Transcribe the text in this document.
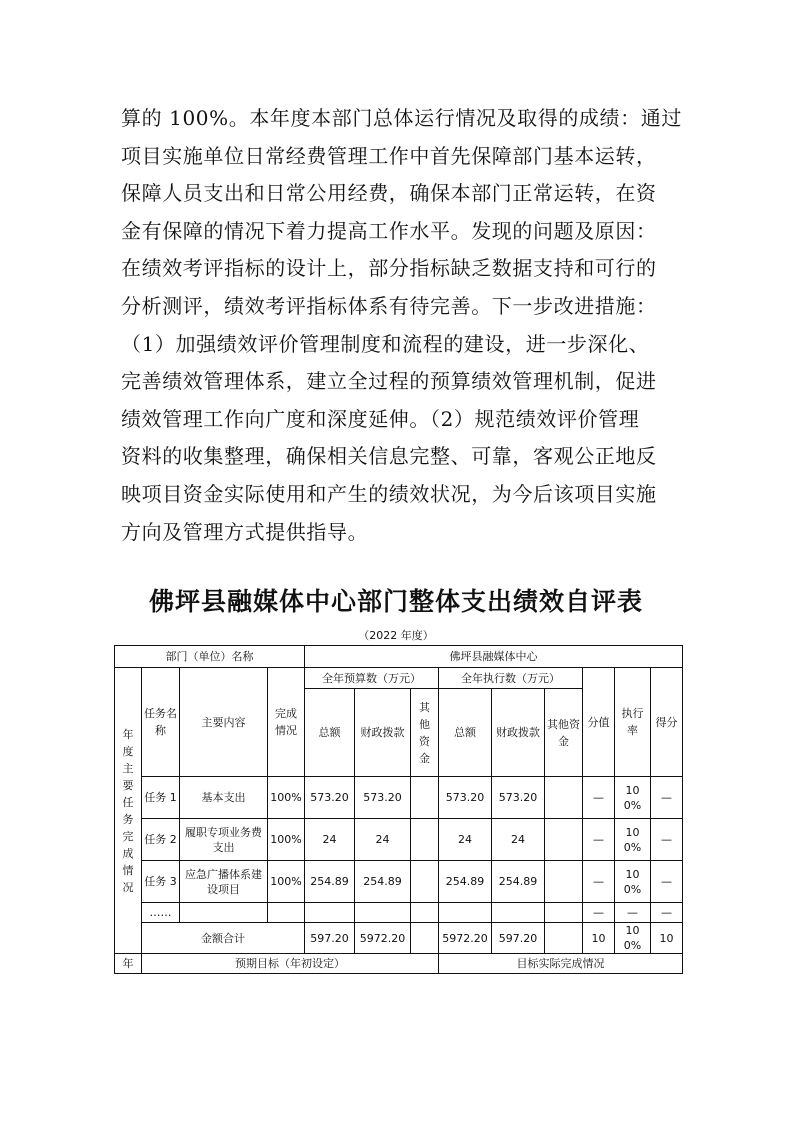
算的 100%。本年度本部门总体运行情况及取得的成绩：通过
项目实施单位日常经费管理工作中首先保障部门基本运转，
保障人员支出和日常公用经费，确保本部门正常运转，在资
金有保障的情况下着力提高工作水平。发现的问题及原因：
在绩效考评指标的设计上，部分指标缺乏数据支持和可行的
分析测评，绩效考评指标体系有待完善。下一步改进措施：
（1）加强绩效评价管理制度和流程的建设，进一步深化、
完善绩效管理体系，建立全过程的预算绩效管理机制，促进
绩效管理工作向广度和深度延伸。（2）规范绩效评价管理
资料的收集整理，确保相关信息完整、可靠，客观公正地反
映项目资金实际使用和产生的绩效状况，为今后该项目实施
方向及管理方式提供指导。
佛坪县融媒体中心部门整体支出绩效自评表
（2022 年度）
部门（单位）名称				佛坪县融媒体中心								

年度主要任务完成情况	任务名称	主要内容	完成情况	全年预算数（万元）			全年执行数（万元）			分值	执行率	得分

				总额	财政拨款	其他资金	总额	财政拨款	其他资金			

	任务 1	基本支出	100%	573.20	573.20		573.20	573.20		—	100%	—
	任务 2	履职专项业务费支出	100%	24	24		24	24		—	100%	—
	任务 3	应急广播体系建设项目	100%	254.89	254.89		254.89	254.89		—	100%	—
	……									—	—	—
	金额合计			597.20	5972.20		5972.20	597.20		10	100%	10
年	预期目标（年初设定）						目标实际完成情况					
